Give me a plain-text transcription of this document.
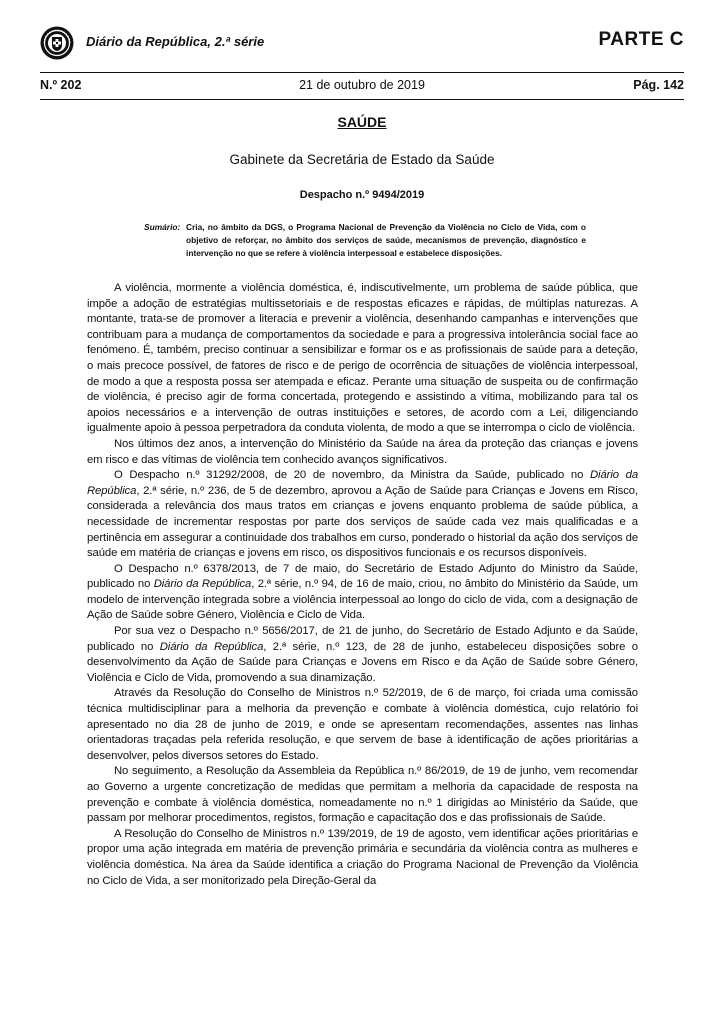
Diário da República, 2.ª série	PARTE C
N.º 202	21 de outubro de 2019	Pág. 142
SAÚDE
Gabinete da Secretária de Estado da Saúde
Despacho n.º 9494/2019
Sumário: Cria, no âmbito da DGS, o Programa Nacional de Prevenção da Violência no Ciclo de Vida, com o objetivo de reforçar, no âmbito dos serviços de saúde, mecanismos de prevenção, diagnóstico e intervenção no que se refere à violência interpessoal e estabelece disposições.

A violência, mormente a violência doméstica, é, indiscutivelmente, um problema de saúde pública, que impõe a adoção de estratégias multissetoriais e de respostas eficazes e rápidas, de múltiplas naturezas. A montante, trata-se de promover a literacia e prevenir a violência, desenhando campanhas e intervenções que contribuam para a mudança de comportamentos da sociedade e para a progressiva intolerância social face ao fenómeno. É, também, preciso continuar a sensibilizar e formar os e as profissionais de saúde para a deteção, o mais precoce possível, de fatores de risco e de perigo de ocorrência de situações de violência interpessoal, de modo a que a resposta possa ser atempada e eficaz. Perante uma situação de suspeita ou de confirmação de violência, é preciso agir de forma concertada, protegendo e assistindo a vítima, mobilizando para tal os apoios necessários e a intervenção de outras instituições e setores, de acordo com a Lei, diligenciando igualmente apoio à pessoa perpetradora da conduta violenta, de modo a que se interrompa o ciclo de violência.

Nos últimos dez anos, a intervenção do Ministério da Saúde na área da proteção das crianças e jovens em risco e das vítimas de violência tem conhecido avanços significativos.

O Despacho n.º 31292/2008, de 20 de novembro, da Ministra da Saúde, publicado no Diário da República, 2.ª série, n.º 236, de 5 de dezembro, aprovou a Ação de Saúde para Crianças e Jovens em Risco, considerada a relevância dos maus tratos em crianças e jovens enquanto problema de saúde pública, a necessidade de incrementar respostas por parte dos serviços de saúde cada vez mais qualificadas e a pertinência em assegurar a continuidade dos trabalhos em curso, ponderado o historial da ação dos serviços de saúde em matéria de crianças e jovens em risco, os dispositivos funcionais e os recursos disponíveis.

O Despacho n.º 6378/2013, de 7 de maio, do Secretário de Estado Adjunto do Ministro da Saúde, publicado no Diário da República, 2.ª série, n.º 94, de 16 de maio, criou, no âmbito do Ministério da Saúde, um modelo de intervenção integrada sobre a violência interpessoal ao longo do ciclo de vida, com a designação de Ação de Saúde sobre Género, Violência e Ciclo de Vida.

Por sua vez o Despacho n.º 5656/2017, de 21 de junho, do Secretário de Estado Adjunto e da Saúde, publicado no Diário da República, 2.ª série, n.º 123, de 28 de junho, estabeleceu disposições sobre o desenvolvimento da Ação de Saúde para Crianças e Jovens em Risco e da Ação de Saúde sobre Género, Violência e Ciclo de Vida, promovendo a sua dinamização.

Através da Resolução do Conselho de Ministros n.º 52/2019, de 6 de março, foi criada uma comissão técnica multidisciplinar para a melhoria da prevenção e combate à violência doméstica, cujo relatório foi apresentado no dia 28 de junho de 2019, e onde se apresentam recomendações, assentes nas linhas orientadoras traçadas pela referida resolução, e que servem de base à identificação de ações prioritárias a desenvolver, pelos diversos setores do Estado.

No seguimento, a Resolução da Assembleia da República n.º 86/2019, de 19 de junho, vem recomendar ao Governo a urgente concretização de medidas que permitam a melhoria da capacidade de resposta na prevenção e combate à violência doméstica, nomeadamente no n.º 1 dirigidas ao Ministério da Saúde, que passam por melhorar procedimentos, registos, formação e capacitação dos e das profissionais de Saúde.

A Resolução do Conselho de Ministros n.º 139/2019, de 19 de agosto, vem identificar ações prioritárias e propor uma ação integrada em matéria de prevenção primária e secundária da violência contra as mulheres e violência doméstica. Na área da Saúde identifica a criação do Programa Nacional de Prevenção da Violência no Ciclo de Vida, a ser monitorizado pela Direção-Geral da
